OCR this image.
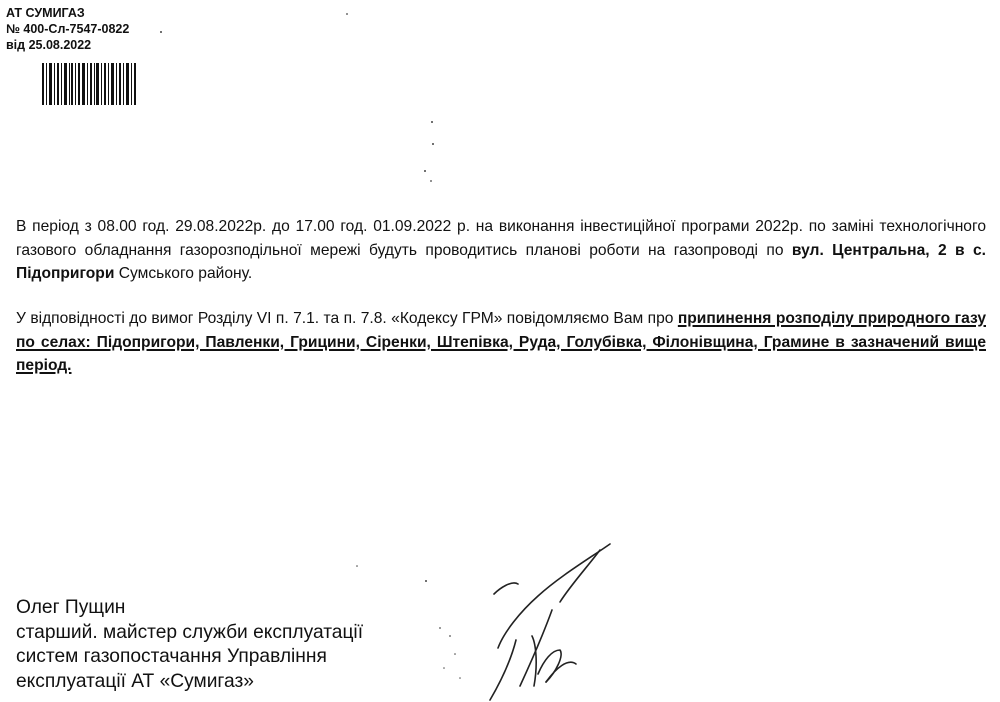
АТ СУМИГАЗ
№ 400-Сл-7547-0822
від 25.08.2022
В період з 08.00 год. 29.08.2022р. до 17.00 год. 01.09.2022 р. на виконання інвестиційної програми 2022р. по заміні технологічного газового обладнання газорозподільної мережі будуть проводитись планові роботи на газопроводі по вул. Центральна, 2 в с. Підопригори Сумського району.
У відповідності до вимог Розділу VI п. 7.1. та п. 7.8. «Кодексу ГРМ» повідомляємо Вам про припинення розподілу природного газу по селах: Підопригори, Павленки, Грицини, Сіренки, Штепівка, Руда, Голубівка, Філонівщина, Грамине в зазначений вище період.
Олег Пущин
старший. майстер служби експлуатації
систем газопостачання Управління
експлуатації АТ «Сумигаз»
